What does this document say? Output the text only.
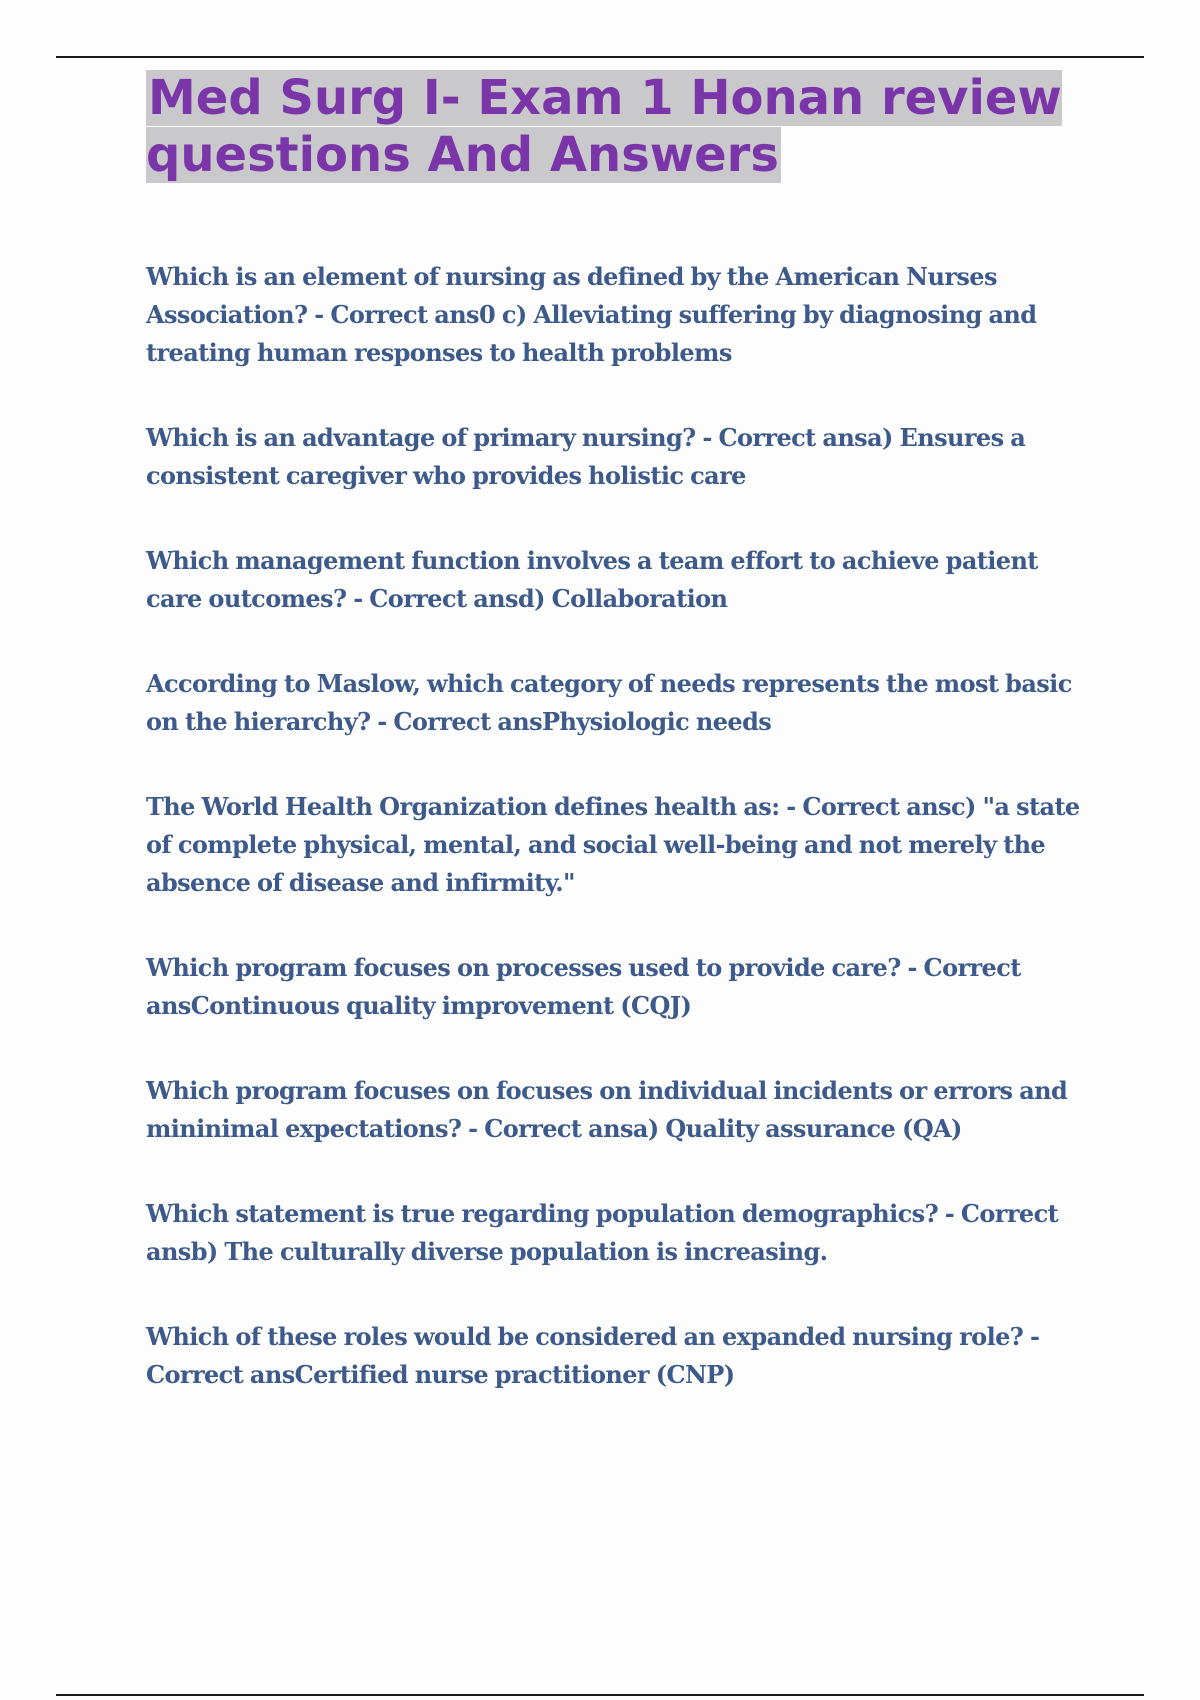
Med Surg I- Exam 1 Honan review questions And Answers

Which is an element of nursing as defined by the American Nurses Association? - Correct ans0 c) Alleviating suffering by diagnosing and treating human responses to health problems

Which is an advantage of primary nursing? - Correct ansa) Ensures a consistent caregiver who provides holistic care

Which management function involves a team effort to achieve patient care outcomes? - Correct ansd) Collaboration

According to Maslow, which category of needs represents the most basic on the hierarchy? - Correct ansPhysiologic needs

The World Health Organization defines health as: - Correct ansc) "a state of complete physical, mental, and social well-being and not merely the absence of disease and infirmity."

Which program focuses on processes used to provide care? - Correct ansContinuous quality improvement (CQJ)

Which program focuses on focuses on individual incidents or errors and mininimal expectations? - Correct ansa) Quality assurance (QA)

Which statement is true regarding population demographics? - Correct ansb) The culturally diverse population is increasing.

Which of these roles would be considered an expanded nursing role? - Correct ansCertified nurse practitioner (CNP)
